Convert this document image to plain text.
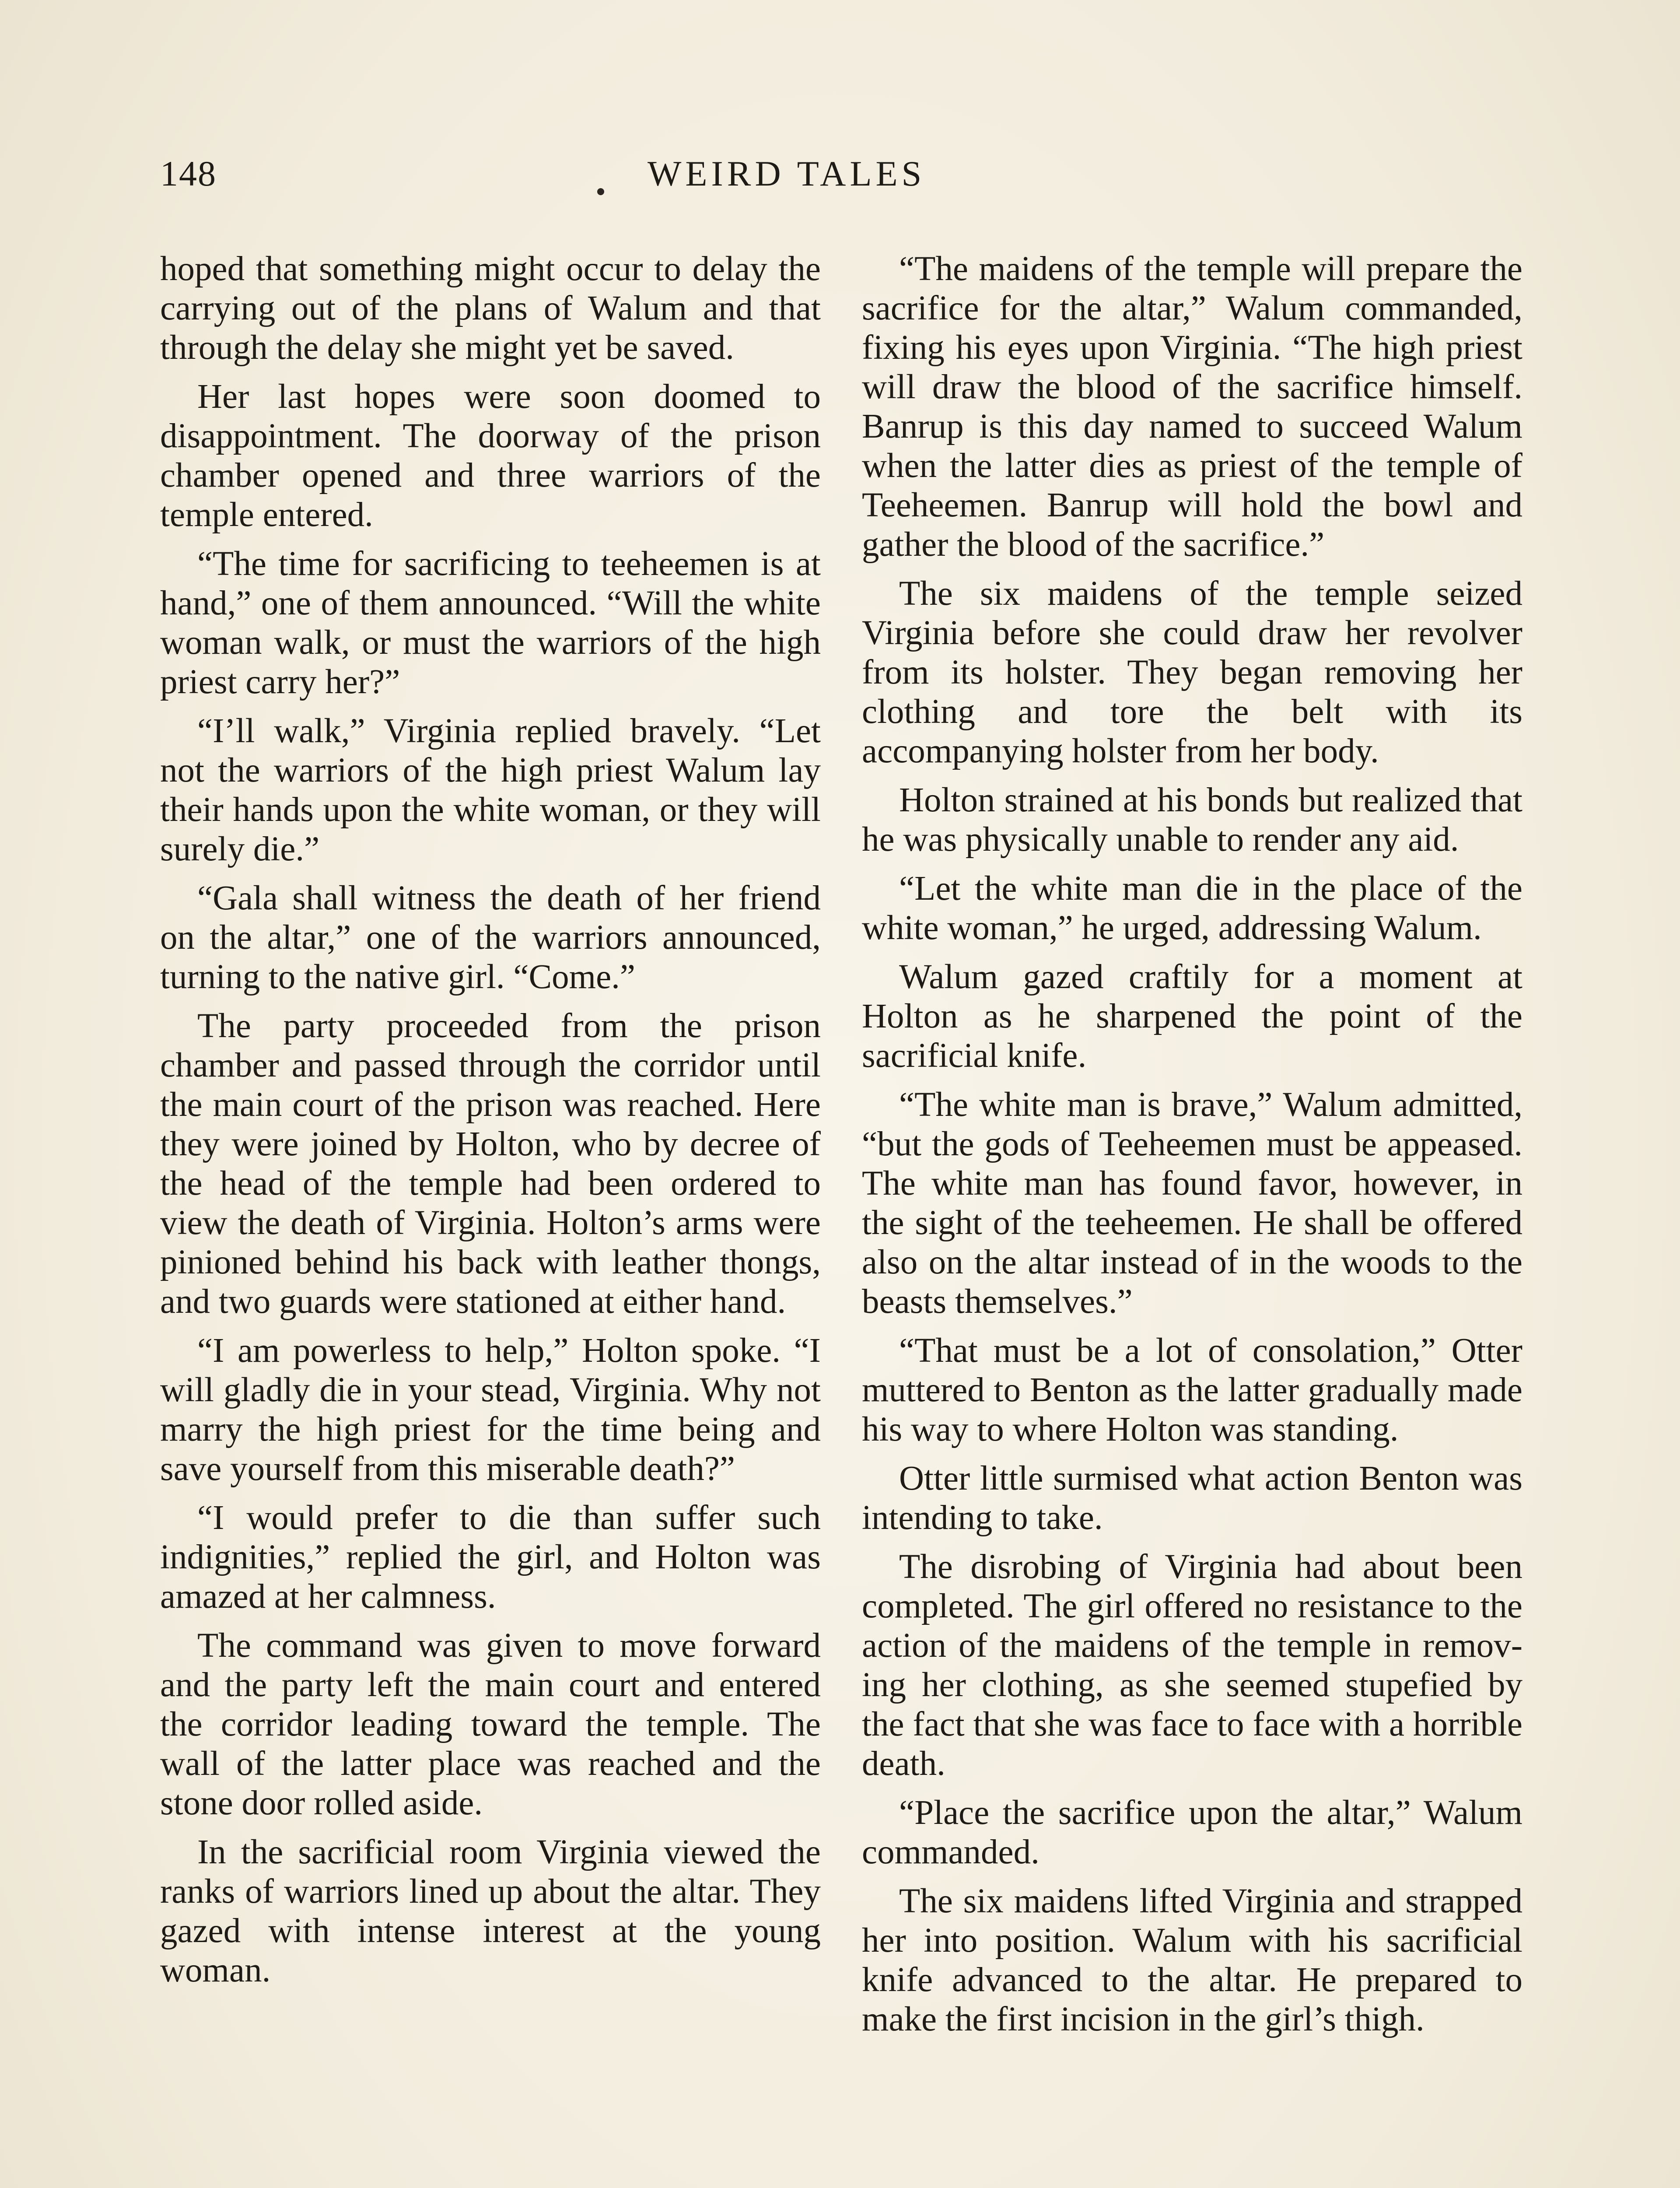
148	WEIRD TALES

hoped that something might occur to delay the carrying out of the plans of Walum and that through the delay she might yet be saved.

Her last hopes were soon doomed to disappointment. The doorway of the prison chamber opened and three warriors of the temple entered.

“The time for sacrificing to teeheemen is at hand,” one of them announced. “Will the white woman walk, or must the warriors of the high priest carry her?”

“I’ll walk,” Virginia replied bravely. “Let not the warriors of the high priest Walum lay their hands upon the white woman, or they will surely die.”

“Gala shall witness the death of her friend on the altar,” one of the warriors announced, turning to the native girl. “Come.”

The party proceeded from the prison chamber and passed through the corridor until the main court of the prison was reached. Here they were joined by Holton, who by decree of the head of the temple had been ordered to view the death of Virginia. Holton’s arms were pinioned behind his back with leather thongs, and two guards were stationed at either hand.

“I am powerless to help,” Holton spoke. “I will gladly die in your stead, Virginia. Why not marry the high priest for the time being and save yourself from this miserable death?”

“I would prefer to die than suffer such indignities,” replied the girl, and Holton was amazed at her calmness.

The command was given to move forward and the party left the main court and entered the corridor leading toward the temple. The wall of the latter place was reached and the stone door rolled aside.

In the sacrificial room Virginia viewed the ranks of warriors lined up about the altar. They gazed with intense interest at the young woman.

“The maidens of the temple will prepare the sacrifice for the altar,” Walum commanded, fixing his eyes upon Virginia. “The high priest will draw the blood of the sacrifice himself. Banrup is this day named to succeed Walum when the latter dies as priest of the temple of Teeheemen. Banrup will hold the bowl and gather the blood of the sacrifice.”

The six maidens of the temple seized Virginia before she could draw her revolver from its holster. They began removing her clothing and tore the belt with its accompanying holster from her body.

Holton strained at his bonds but realized that he was physically unable to render any aid.

“Let the white man die in the place of the white woman,” he urged, addressing Walum.

Walum gazed craftily for a moment at Holton as he sharpened the point of the sacrificial knife.

“The white man is brave,” Walum admitted, “but the gods of Teeheemen must be appeased. The white man has found favor, however, in the sight of the teeheemen. He shall be offered also on the altar instead of in the woods to the beasts themselves.”

“That must be a lot of consolation,” Otter muttered to Benton as the latter gradually made his way to where Holton was standing.

Otter little surmised what action Benton was intending to take.

The disrobing of Virginia had about been completed. The girl offered no resistance to the action of the maidens of the temple in removing her clothing, as she seemed stupefied by the fact that she was face to face with a horrible death.

“Place the sacrifice upon the altar,” Walum commanded.

The six maidens lifted Virginia and strapped her into position. Walum with his sacrificial knife advanced to the altar. He prepared to make the first incision in the girl’s thigh.
